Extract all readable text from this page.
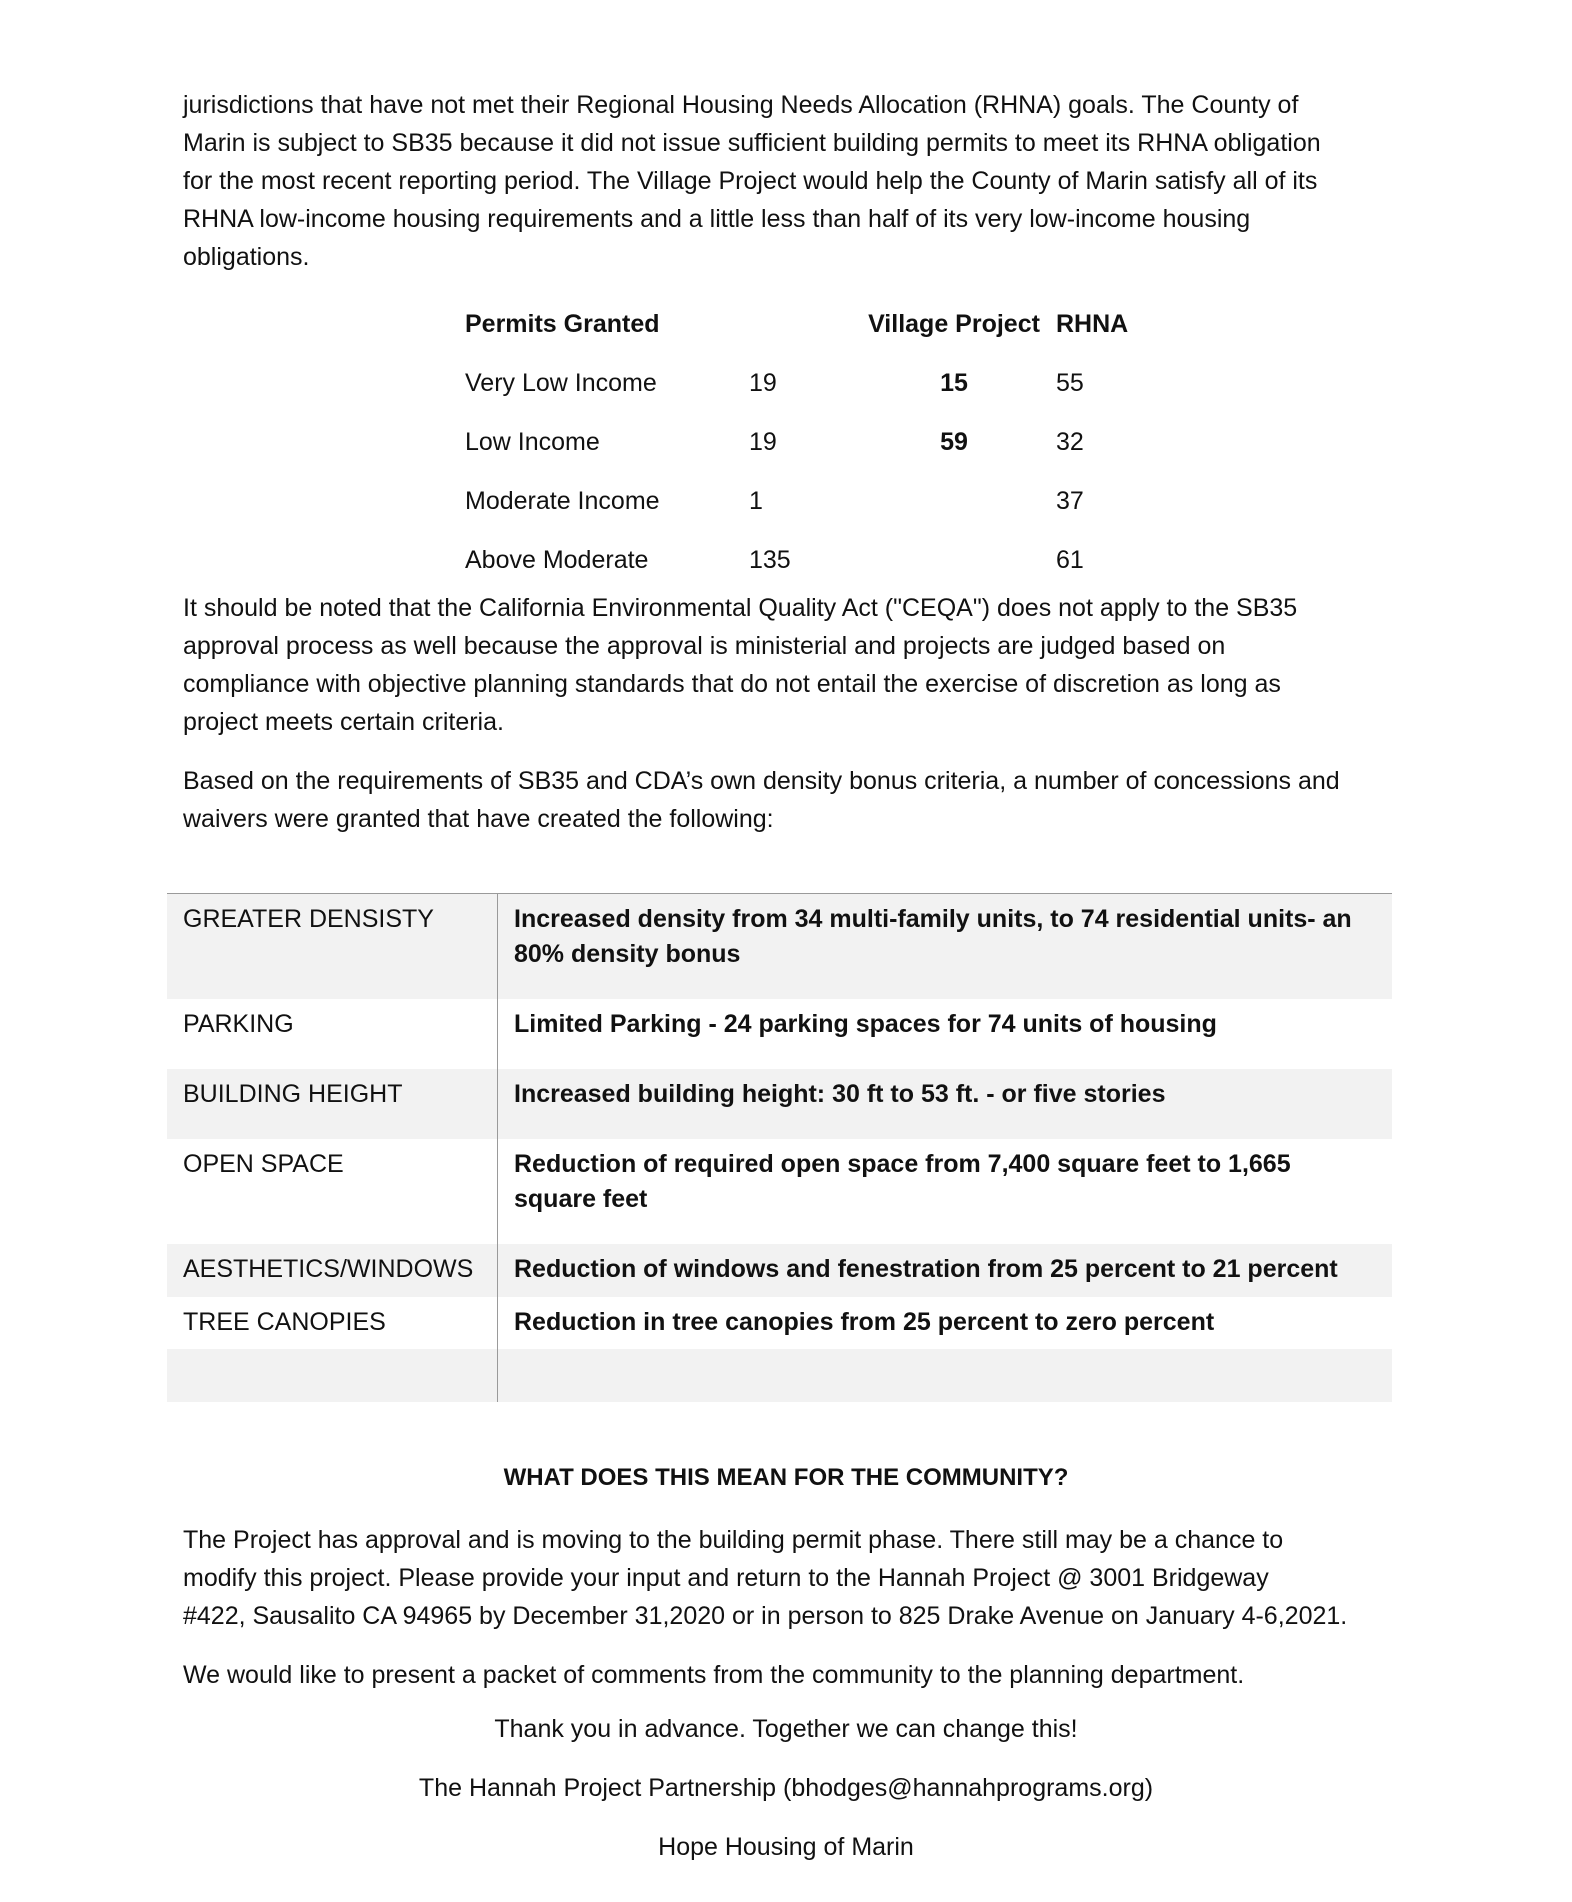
jurisdictions that have not met their Regional Housing Needs Allocation (RHNA) goals. The County of
Marin is subject to SB35 because it did not issue sufficient building permits to meet its RHNA obligation
for the most recent reporting period. The Village Project would help the County of Marin satisfy all of its
RHNA low-income housing requirements and a little less than half of its very low-income housing
obligations.

Permits Granted		Village Project	RHNA
Very Low Income	19	15	55
Low Income	19	59	32
Moderate Income	1		37
Above Moderate	135		61

It should be noted that the California Environmental Quality Act ("CEQA") does not apply to the SB35
approval process as well because the approval is ministerial and projects are judged based on
compliance with objective planning standards that do not entail the exercise of discretion as long as
project meets certain criteria.

Based on the requirements of SB35 and CDA’s own density bonus criteria, a number of concessions and
waivers were granted that have created the following:

GREATER DENSISTY	Increased density from 34 multi-family units, to 74 residential units- an
80% density bonus
PARKING	Limited Parking - 24 parking spaces for 74 units of housing
BUILDING HEIGHT	Increased building height: 30 ft to 53 ft. - or five stories
OPEN SPACE	Reduction of required open space from 7,400 square feet to 1,665
square feet
AESTHETICS/WINDOWS	Reduction of windows and fenestration from 25 percent to 21 percent
TREE CANOPIES	Reduction in tree canopies from 25 percent to zero percent

WHAT DOES THIS MEAN FOR THE COMMUNITY?

The Project has approval and is moving to the building permit phase. There still may be a chance to
modify this project. Please provide your input and return to the Hannah Project @ 3001 Bridgeway
#422, Sausalito CA 94965 by December 31,2020 or in person to 825 Drake Avenue on January 4-6,2021.

We would like to present a packet of comments from the community to the planning department.

Thank you in advance. Together we can change this!

The Hannah Project Partnership (bhodges@hannahprograms.org)

Hope Housing of Marin
